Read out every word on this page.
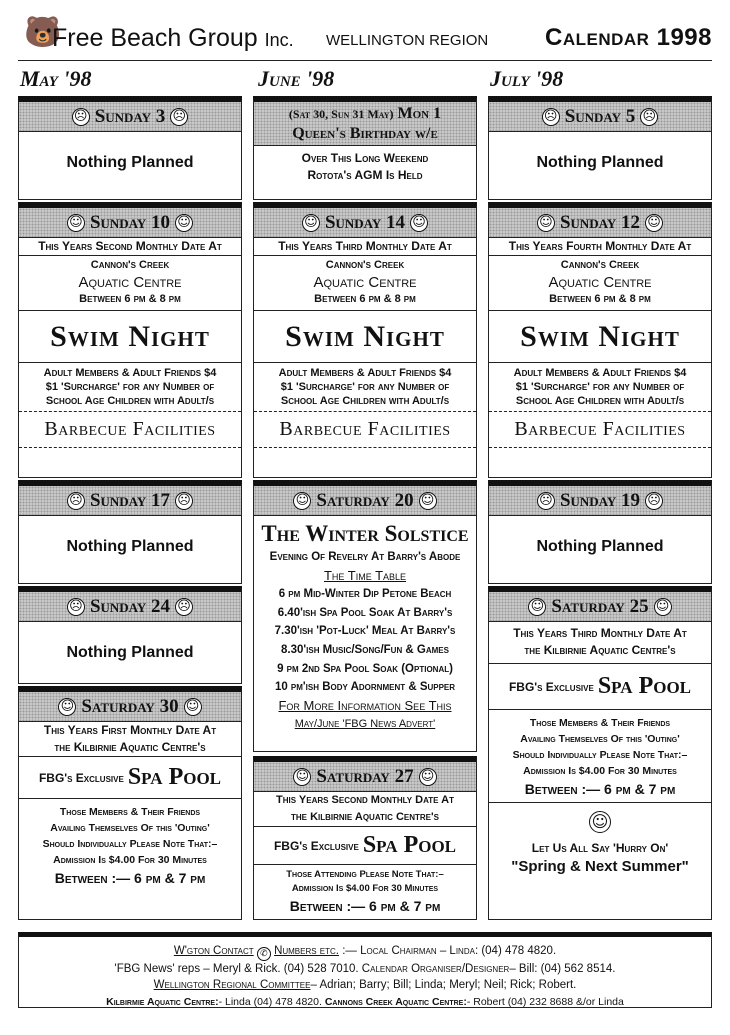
🐻
Free Beach Group Inc. WELLINGTON REGION Calendar 1998
May '98	June '98	July '98
☹ Sunday 3 ☹
Nothing Planned
☺ Sunday 10 ☺
This Years Second Monthly Date At
Cannon's Creek
Aquatic Centre
Between 6 pm & 8 pm
Swim Night
Adult Members & Adult Friends $4
$1 'Surcharge' for any Number of
School Age Children with Adult/s
Barbecue Facilities
☹ Sunday 17 ☹
Nothing Planned
☹ Sunday 24 ☹
Nothing Planned
☺ Saturday 30 ☺
This Years First Monthly Date At
the Kilbirnie Aquatic Centre's
FBG's Exclusive Spa Pool
Those Members & Their Friends
Availing Themselves Of this 'Outing'
Should Individually Please Note That:–
Admission Is $4.00 For 30 Minutes
Between :— 6 pm & 7 pm
(Sat 30, Sun 31 May) Mon 1
Queen's Birthday w/e
Over This Long Weekend
Rotota's AGM Is Held
☺ Sunday 14 ☺
This Years Third Monthly Date At
Cannon's Creek
Aquatic Centre
Between 6 pm & 8 pm
Swim Night
Adult Members & Adult Friends $4
$1 'Surcharge' for any Number of
School Age Children with Adult/s
Barbecue Facilities
☺ Saturday 20 ☺
The Winter Solstice
Evening Of Revelry At Barry's Abode
The Time Table
6 pm Mid-Winter Dip Petone Beach
6.40'ish Spa Pool Soak At Barry's
7.30'ish 'Pot-Luck' Meal At Barry's
8.30'ish Music/Song/Fun & Games
9 pm 2nd Spa Pool Soak (Optional)
10 pm'ish Body Adornment & Supper
For More Information See This
May/June 'FBG News Advert'
☺ Saturday 27 ☺
This Years Second Monthly Date At
the Kilbirnie Aquatic Centre's
FBG's Exclusive Spa Pool
Those Attending Please Note That:–
Admission Is $4.00 For 30 Minutes
Between :— 6 pm & 7 pm
☹ Sunday 5 ☹
Nothing Planned
☺ Sunday 12 ☺
This Years Fourth Monthly Date At
Cannon's Creek
Aquatic Centre
Between 6 pm & 8 pm
Swim Night
Adult Members & Adult Friends $4
$1 'Surcharge' for any Number of
School Age Children with Adult/s
Barbecue Facilities
☹ Sunday 19 ☹
Nothing Planned
☺ Saturday 25 ☺
This Years Third Monthly Date At
the Kilbirnie Aquatic Centre's
FBG's Exclusive Spa Pool
Those Members & Their Friends
Availing Themselves Of this 'Outing'
Should Individually Please Note That:–
Admission Is $4.00 For 30 Minutes
Between :— 6 pm & 7 pm
☺
Let Us All Say 'Hurry On'
"Spring & Next Summer"
W'gton Contact ✆ Numbers etc. :— Local Chairman – Linda: (04) 478 4820.
'FBG News' reps – Meryl & Rick. (04) 528 7010. Calendar Organiser/Designer– Bill: (04) 562 8514.
Wellington Regional Committee– Adrian; Barry; Bill; Linda; Meryl; Neil; Rick; Robert.
Kilbirmie Aquatic Centre:- Linda (04) 478 4820. Cannons Creek Aquatic Centre:- Robert (04) 232 8688 &/or Linda
